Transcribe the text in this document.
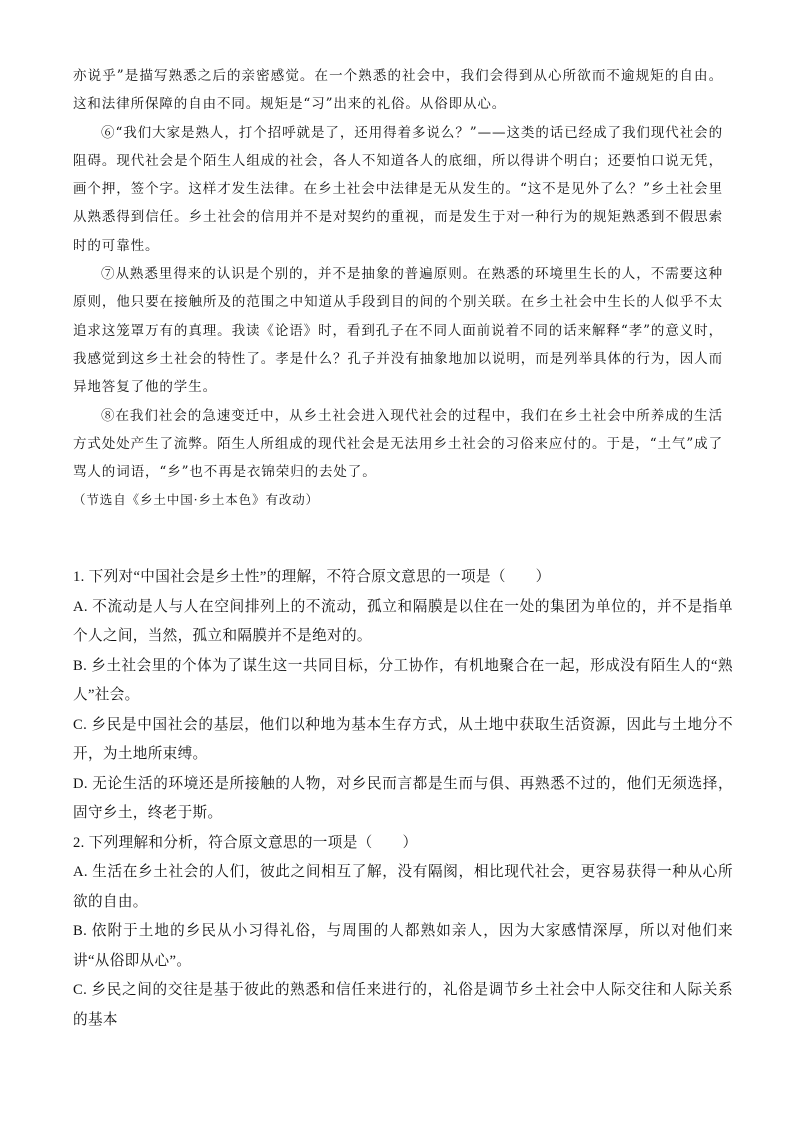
亦说乎”是描写熟悉之后的亲密感觉。在一个熟悉的社会中，我们会得到从心所欲而不逾规矩的自由。这和法律所保障的自由不同。规矩是“习”出来的礼俗。从俗即从心。

⑥“我们大家是熟人，打个招呼就是了，还用得着多说么？”——这类的话已经成了我们现代社会的阻碍。现代社会是个陌生人组成的社会，各人不知道各人的底细，所以得讲个明白；还要怕口说无凭，画个押，签个字。这样才发生法律。在乡土社会中法律是无从发生的。“这不是见外了么？”乡土社会里从熟悉得到信任。乡土社会的信用并不是对契约的重视，而是发生于对一种行为的规矩熟悉到不假思索时的可靠性。

⑦从熟悉里得来的认识是个别的，并不是抽象的普遍原则。在熟悉的环境里生长的人，不需要这种原则，他只要在接触所及的范围之中知道从手段到目的间的个别关联。在乡土社会中生长的人似乎不太追求这笼罩万有的真理。我读《论语》时，看到孔子在不同人面前说着不同的话来解释“孝”的意义时，我感觉到这乡土社会的特性了。孝是什么？孔子并没有抽象地加以说明，而是列举具体的行为，因人而异地答复了他的学生。

⑧在我们社会的急速变迁中，从乡土社会进入现代社会的过程中，我们在乡土社会中所养成的生活方式处处产生了流弊。陌生人所组成的现代社会是无法用乡土社会的习俗来应付的。于是，“土气”成了骂人的词语，“乡”也不再是衣锦荣归的去处了。

（节选自《乡土中国·乡土本色》有改动）

1. 下列对“中国社会是乡土性”的理解，不符合原文意思的一项是（　　）

A. 不流动是人与人在空间排列上的不流动，孤立和隔膜是以住在一处的集团为单位的，并不是指单个人之间，当然，孤立和隔膜并不是绝对的。

B. 乡土社会里的个体为了谋生这一共同目标，分工协作，有机地聚合在一起，形成没有陌生人的“熟人”社会。

C. 乡民是中国社会的基层，他们以种地为基本生存方式，从土地中获取生活资源，因此与土地分不开，为土地所束缚。

D. 无论生活的环境还是所接触的人物，对乡民而言都是生而与俱、再熟悉不过的，他们无须选择，固守乡土，终老于斯。

2. 下列理解和分析，符合原文意思的一项是（　　）

A. 生活在乡土社会的人们，彼此之间相互了解，没有隔阂，相比现代社会，更容易获得一种从心所欲的自由。

B. 依附于土地的乡民从小习得礼俗，与周围的人都熟如亲人，因为大家感情深厚，所以对他们来讲“从俗即从心”。

C. 乡民之间的交往是基于彼此的熟悉和信任来进行的，礼俗是调节乡土社会中人际交往和人际关系的基本
